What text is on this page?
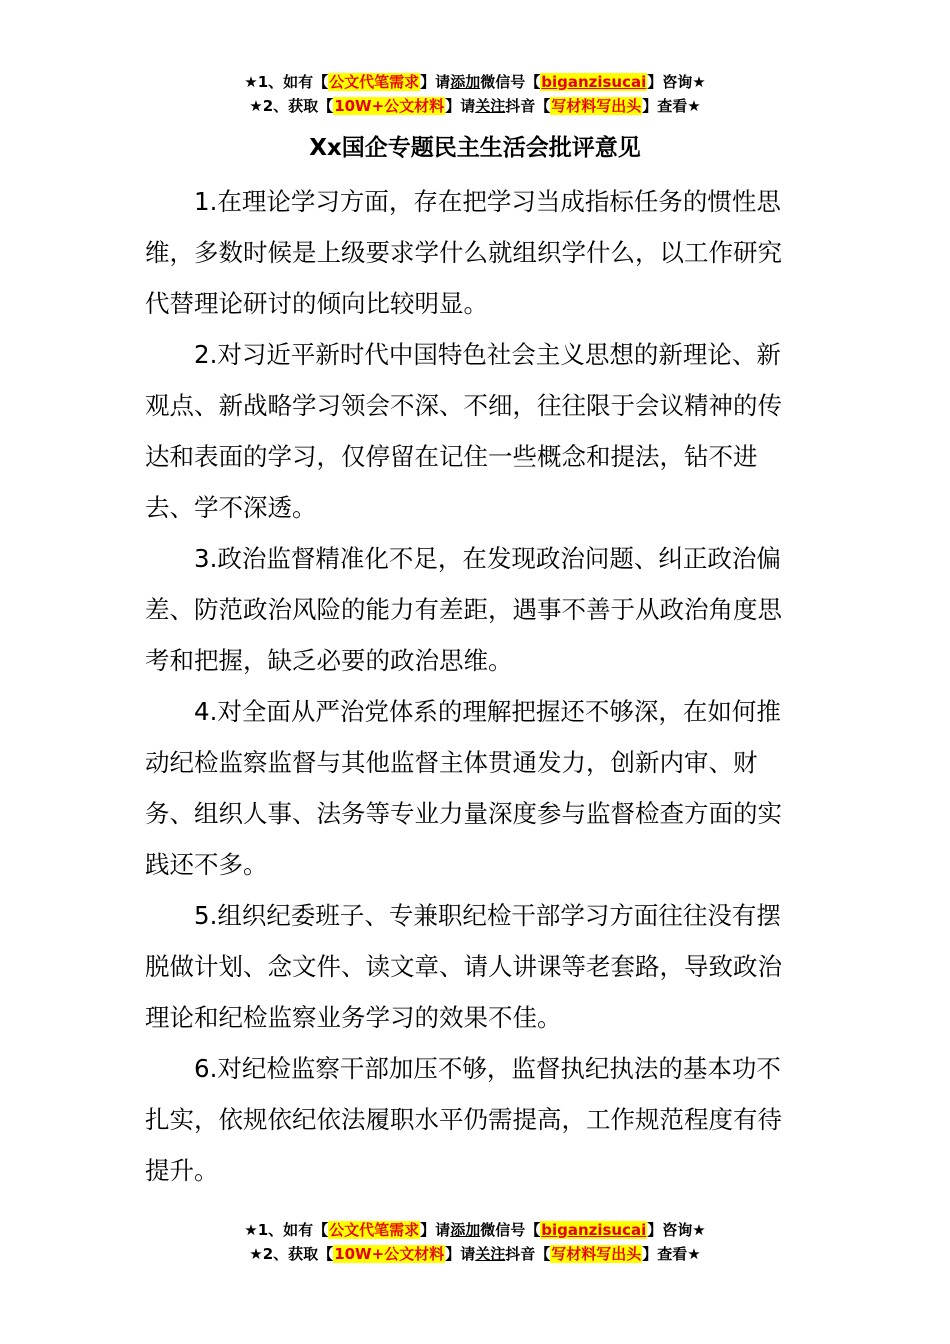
★1、如有【公文代笔需求】请添加微信号【biganzisucai】咨询★
★2、获取【10W+公文材料】请关注抖音【写材料写出头】查看★
Xx国企专题民主生活会批评意见

1.在理论学习方面，存在把学习当成指标任务的惯性思维，多数时候是上级要求学什么就组织学什么，以工作研究代替理论研讨的倾向比较明显。

2.对习近平新时代中国特色社会主义思想的新理论、新观点、新战略学习领会不深、不细，往往限于会议精神的传达和表面的学习，仅停留在记住一些概念和提法，钻不进去、学不深透。

3.政治监督精准化不足，在发现政治问题、纠正政治偏差、防范政治风险的能力有差距，遇事不善于从政治角度思考和把握，缺乏必要的政治思维。

4.对全面从严治党体系的理解把握还不够深，在如何推动纪检监察监督与其他监督主体贯通发力，创新内审、财务、组织人事、法务等专业力量深度参与监督检查方面的实践还不多。

5.组织纪委班子、专兼职纪检干部学习方面往往没有摆脱做计划、念文件、读文章、请人讲课等老套路，导致政治理论和纪检监察业务学习的效果不佳。

6.对纪检监察干部加压不够，监督执纪执法的基本功不扎实，依规依纪依法履职水平仍需提高，工作规范程度有待提升。

★1、如有【公文代笔需求】请添加微信号【biganzisucai】咨询★
★2、获取【10W+公文材料】请关注抖音【写材料写出头】查看★
